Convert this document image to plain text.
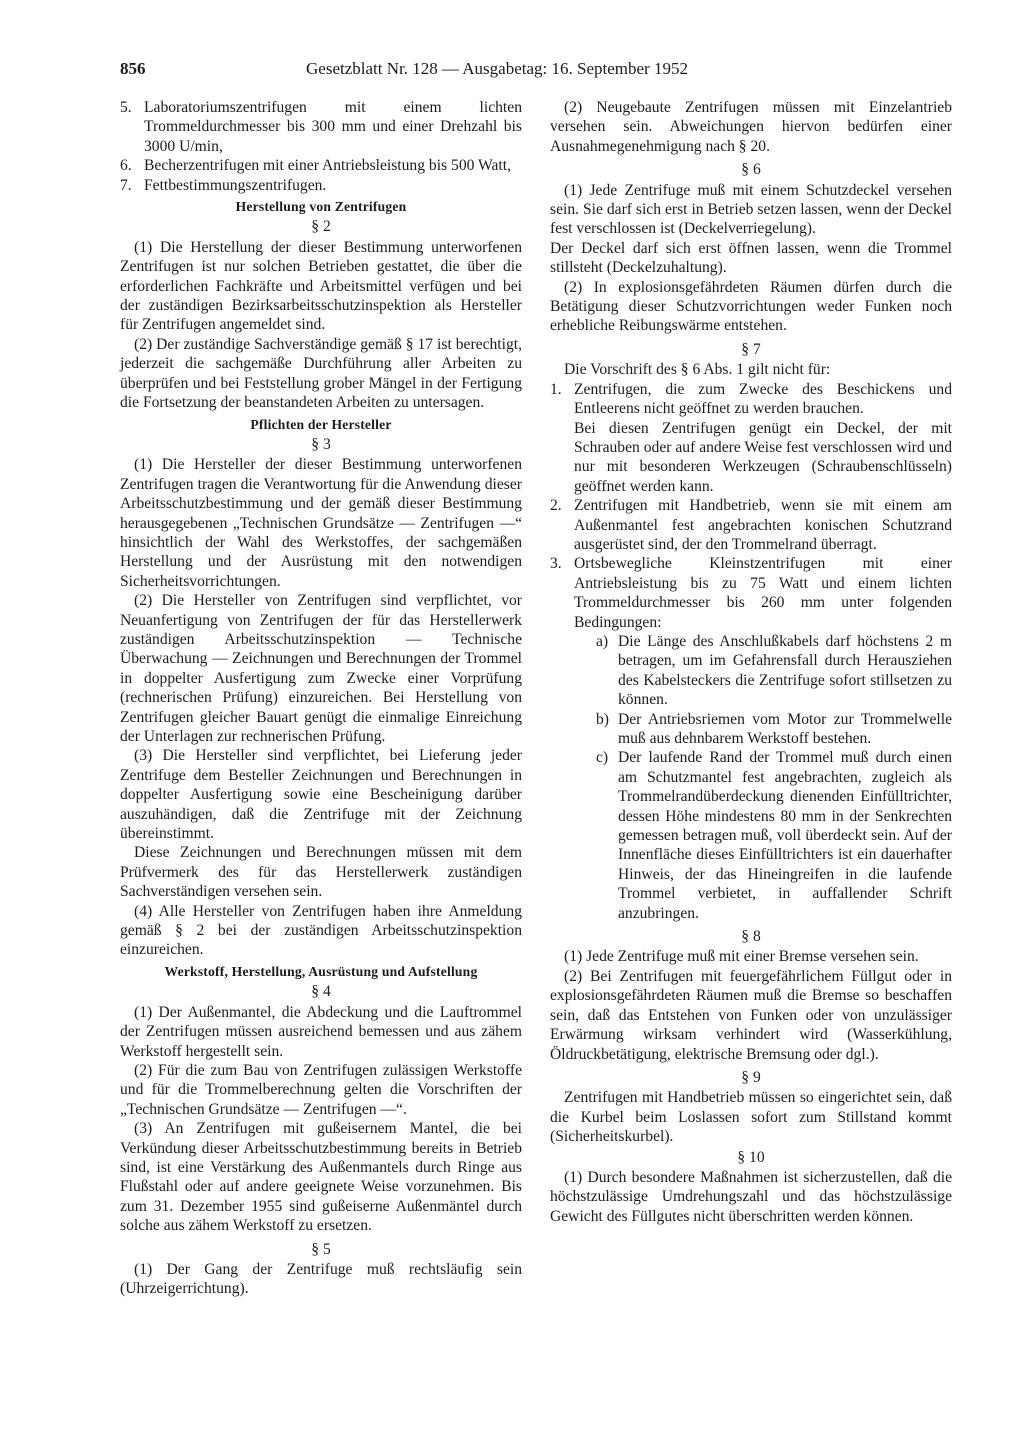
856	Gesetzblatt Nr. 128 — Ausgabetag: 16. September 1952
5. Laboratoriumszentrifugen mit einem lichten Trommeldurchmesser bis 300 mm und einer Drehzahl bis 3000 U/min,
6. Becherzentrifugen mit einer Antriebsleistung bis 500 Watt,
7. Fettbestimmungszentrifugen.
Herstellung von Zentrifugen
§ 2

(1) Die Herstellung der dieser Bestimmung unterworfenen Zentrifugen ist nur solchen Betrieben gestattet, die über die erforderlichen Fachkräfte und Arbeitsmittel verfügen und bei der zuständigen Bezirksarbeitsschutzinspektion als Hersteller für Zentrifugen angemeldet sind.

(2) Der zuständige Sachverständige gemäß § 17 ist berechtigt, jederzeit die sachgemäße Durchführung aller Arbeiten zu überprüfen und bei Feststellung grober Mängel in der Fertigung die Fortsetzung der beanstandeten Arbeiten zu untersagen.

Pflichten der Hersteller
§ 3

(1) Die Hersteller der dieser Bestimmung unterworfenen Zentrifugen tragen die Verantwortung für die Anwendung dieser Arbeitsschutzbestimmung und der gemäß dieser Bestimmung herausgegebenen „Technischen Grundsätze — Zentrifugen —“ hinsichtlich der Wahl des Werkstoffes, der sachgemäßen Herstellung und der Ausrüstung mit den notwendigen Sicherheitsvorrichtungen.

(2) Die Hersteller von Zentrifugen sind verpflichtet, vor Neuanfertigung von Zentrifugen der für das Herstellerwerk zuständigen Arbeitsschutzinspektion — Technische Überwachung — Zeichnungen und Berechnungen der Trommel in doppelter Ausfertigung zum Zwecke einer Vorprüfung (rechnerischen Prüfung) einzureichen. Bei Herstellung von Zentrifugen gleicher Bauart genügt die einmalige Einreichung der Unterlagen zur rechnerischen Prüfung.

(3) Die Hersteller sind verpflichtet, bei Lieferung jeder Zentrifuge dem Besteller Zeichnungen und Berechnungen in doppelter Ausfertigung sowie eine Bescheinigung darüber auszuhändigen, daß die Zentrifuge mit der Zeichnung übereinstimmt.

Diese Zeichnungen und Berechnungen müssen mit dem Prüfvermerk des für das Herstellerwerk zuständigen Sachverständigen versehen sein.

(4) Alle Hersteller von Zentrifugen haben ihre Anmeldung gemäß § 2 bei der zuständigen Arbeitsschutzinspektion einzureichen.

Werkstoff, Herstellung, Ausrüstung und Aufstellung
§ 4

(1) Der Außenmantel, die Abdeckung und die Lauftrommel der Zentrifugen müssen ausreichend bemessen und aus zähem Werkstoff hergestellt sein.

(2) Für die zum Bau von Zentrifugen zulässigen Werkstoffe und für die Trommelberechnung gelten die Vorschriften der „Technischen Grundsätze — Zentrifugen —“.

(3) An Zentrifugen mit gußeisernem Mantel, die bei Verkündung dieser Arbeitsschutzbestimmung bereits in Betrieb sind, ist eine Verstärkung des Außenmantels durch Ringe aus Flußstahl oder auf andere geeignete Weise vorzunehmen. Bis zum 31. Dezember 1955 sind gußeiserne Außenmäntel durch solche aus zähem Werkstoff zu ersetzen.

§ 5

(1) Der Gang der Zentrifuge muß rechtsläufig sein (Uhrzeigerrichtung).

(2) Neugebaute Zentrifugen müssen mit Einzelantrieb versehen sein. Abweichungen hiervon bedürfen einer Ausnahmegenehmigung nach § 20.

§ 6

(1) Jede Zentrifuge muß mit einem Schutzdeckel versehen sein. Sie darf sich erst in Betrieb setzen lassen, wenn der Deckel fest verschlossen ist (Deckelverriegelung).

Der Deckel darf sich erst öffnen lassen, wenn die Trommel stillsteht (Deckelzuhaltung).

(2) In explosionsgefährdeten Räumen dürfen durch die Betätigung dieser Schutzvorrichtungen weder Funken noch erhebliche Reibungswärme entstehen.

§ 7

Die Vorschrift des § 6 Abs. 1 gilt nicht für:

1. Zentrifugen, die zum Zwecke des Beschickens und Entleerens nicht geöffnet zu werden brauchen.
Bei diesen Zentrifugen genügt ein Deckel, der mit Schrauben oder auf andere Weise fest verschlossen wird und nur mit besonderen Werkzeugen (Schraubenschlüsseln) geöffnet werden kann.
2. Zentrifugen mit Handbetrieb, wenn sie mit einem am Außenmantel fest angebrachten konischen Schutzrand ausgerüstet sind, der den Trommelrand überragt.
3. Ortsbewegliche Kleinstzentrifugen mit einer Antriebsleistung bis zu 75 Watt und einem lichten Trommeldurchmesser bis 260 mm unter folgenden Bedingungen:
a) Die Länge des Anschlußkabels darf höchstens 2 m betragen, um im Gefahrensfall durch Herausziehen des Kabelsteckers die Zentrifuge sofort stillsetzen zu können.
b) Der Antriebsriemen vom Motor zur Trommelwelle muß aus dehnbarem Werkstoff bestehen.
c) Der laufende Rand der Trommel muß durch einen am Schutzmantel fest angebrachten, zugleich als Trommelrandüberdeckung dienenden Einfülltrichter, dessen Höhe mindestens 80 mm in der Senkrechten gemessen betragen muß, voll überdeckt sein. Auf der Innenfläche dieses Einfülltrichters ist ein dauerhafter Hinweis, der das Hineingreifen in die laufende Trommel verbietet, in auffallender Schrift anzubringen.
§ 8

(1) Jede Zentrifuge muß mit einer Bremse versehen sein.

(2) Bei Zentrifugen mit feuergefährlichem Füllgut oder in explosionsgefährdeten Räumen muß die Bremse so beschaffen sein, daß das Entstehen von Funken oder von unzulässiger Erwärmung wirksam verhindert wird (Wasserkühlung, Öldruckbetätigung, elektrische Bremsung oder dgl.).

§ 9

Zentrifugen mit Handbetrieb müssen so eingerichtet sein, daß die Kurbel beim Loslassen sofort zum Stillstand kommt (Sicherheitskurbel).

§ 10

(1) Durch besondere Maßnahmen ist sicherzustellen, daß die höchstzulässige Umdrehungszahl und das höchstzulässige Gewicht des Füllgutes nicht überschritten werden können.
